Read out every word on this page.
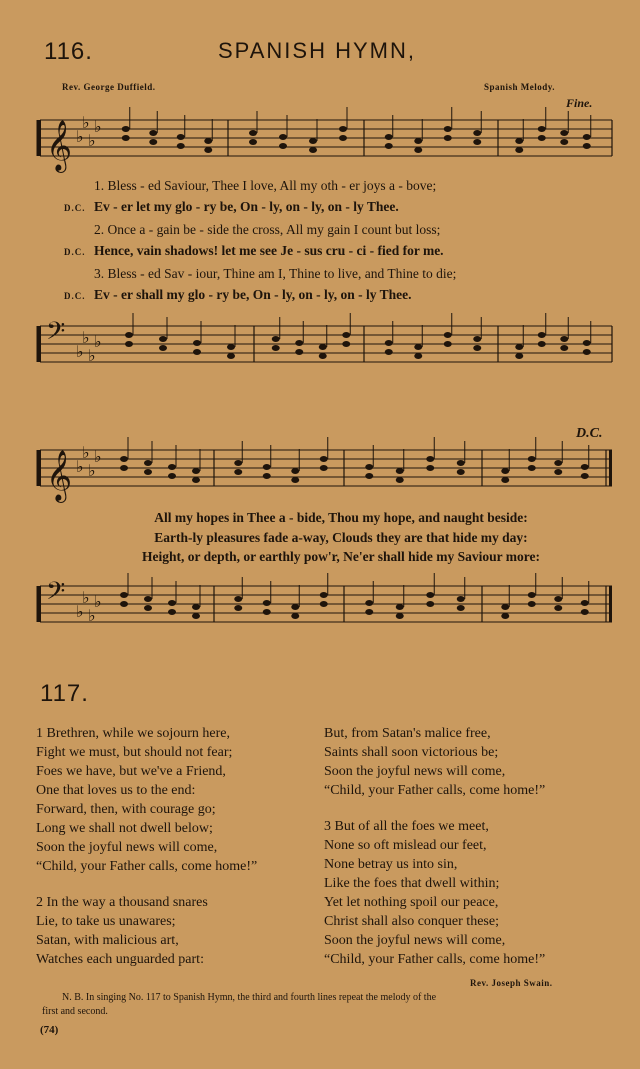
116.	SPANISH HYMN,
Rev. George Duffield.	Spanish Melody.
Fine.
𝄞 ♭
♭
♭
♭
1. Bless - ed Saviour, Thee I love, All my oth - er joys a - bove;
D.C. Ev - er let my glo - ry be, On - ly, on - ly, on - ly Thee.
2. Once a - gain be - side the cross, All my gain I count but loss;
D.C. Hence, vain shadows! let me see Je - sus cru - ci - fied for me.
3. Bless - ed Sav - iour, Thine am I, Thine to live, and Thine to die;
D.C. Ev - er shall my glo - ry be, On - ly, on - ly, on - ly Thee.
𝄢 ♭
♭
♭
♭
D.C.
𝄞 ♭
♭
♭
♭
All my hopes in Thee a - bide, Thou my hope, and naught beside:
Earth-ly pleasures fade a-way, Clouds they are that hide my day:
Height, or depth, or earthly pow'r, Ne'er shall hide my Saviour more:
𝄢 ♭
♭
♭
♭
117.
1 Brethren, while we sojourn here,
Fight we must, but should not fear;
Foes we have, but we've a Friend,
One that loves us to the end:
Forward, then, with courage go;
Long we shall not dwell below;
Soon the joyful news will come,
“Child, your Father calls, come home!”
2 In the way a thousand snares
Lie, to take us unawares;
Satan, with malicious art,
Watches each unguarded part:
But, from Satan's malice free,
Saints shall soon victorious be;
Soon the joyful news will come,
“Child, your Father calls, come home!”
3 But of all the foes we meet,
None so oft mislead our feet,
None betray us into sin,
Like the foes that dwell within;
Yet let nothing spoil our peace,
Christ shall also conquer these;
Soon the joyful news will come,
“Child, your Father calls, come home!”
Rev. Joseph Swain.
N. B. In singing No. 117 to Spanish Hymn, the third and fourth lines repeat the melody of the
first and second.
(74)
